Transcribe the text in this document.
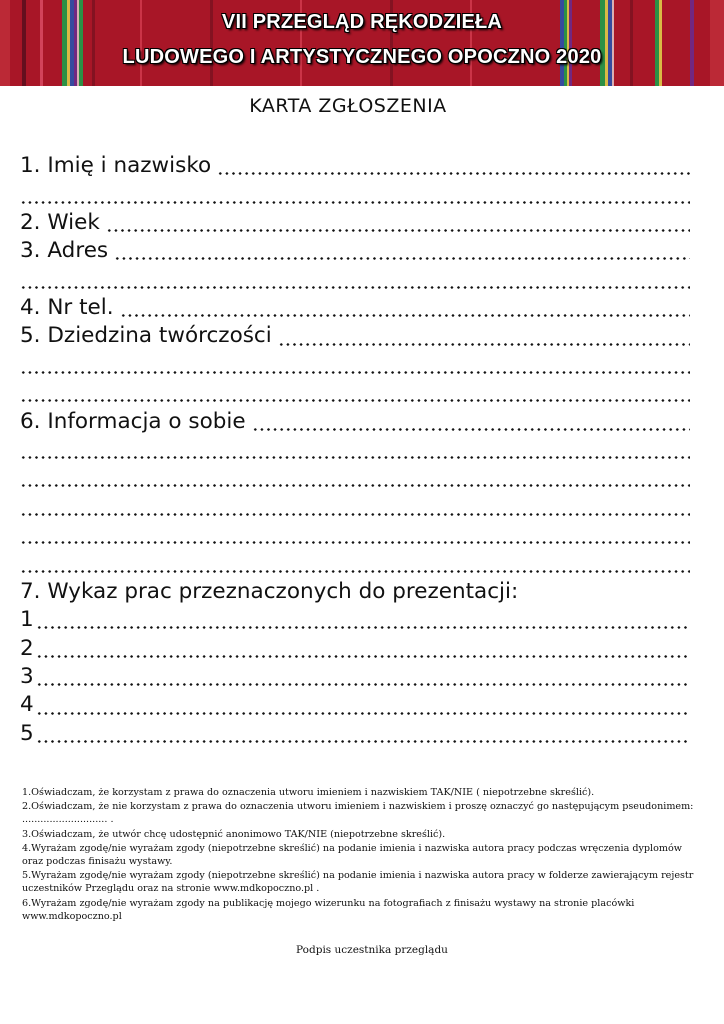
VII PRZEGLĄD RĘKODZIEŁA
LUDOWEGO I ARTYSTYCZNEGO OPOCZNO 2020
KARTA ZGŁOSZENIA
1. Imię i nazwisko
2. Wiek
3. Adres
4. Nr tel.
5. Dziedzina twórczości
6. Informacja o sobie
7. Wykaz prac przeznaczonych do prezentacji:
1
2
3
4
5

1.Oświadczam, że korzystam z prawa do oznaczenia utworu imieniem i nazwiskiem TAK/NIE ( niepotrzebne skreślić).

2.Oświadczam, że nie korzystam z prawa do oznaczenia utworu imieniem i nazwiskiem i proszę oznaczyć go następującym pseudonimem: ............................ .

3.Oświadczam, że utwór chcę udostępnić anonimowo TAK/NIE (niepotrzebne skreślić).

4.Wyrażam zgodę/nie wyrażam zgody (niepotrzebne skreślić) na podanie imienia i nazwiska autora pracy podczas wręczenia dyplomów oraz podczas finisażu wystawy.

5.Wyrażam zgodę/nie wyrażam zgody (niepotrzebne skreślić) na podanie imienia i nazwiska autora pracy w folderze zawierającym rejestr uczestników Przeglądu oraz na stronie www.mdkopoczno.pl .

6.Wyrażam zgodę/nie wyrażam zgody na publikację mojego wizerunku na fotografiach z finisażu wystawy na stronie placówki www.mdkopoczno.pl

Podpis uczestnika przeglądu
